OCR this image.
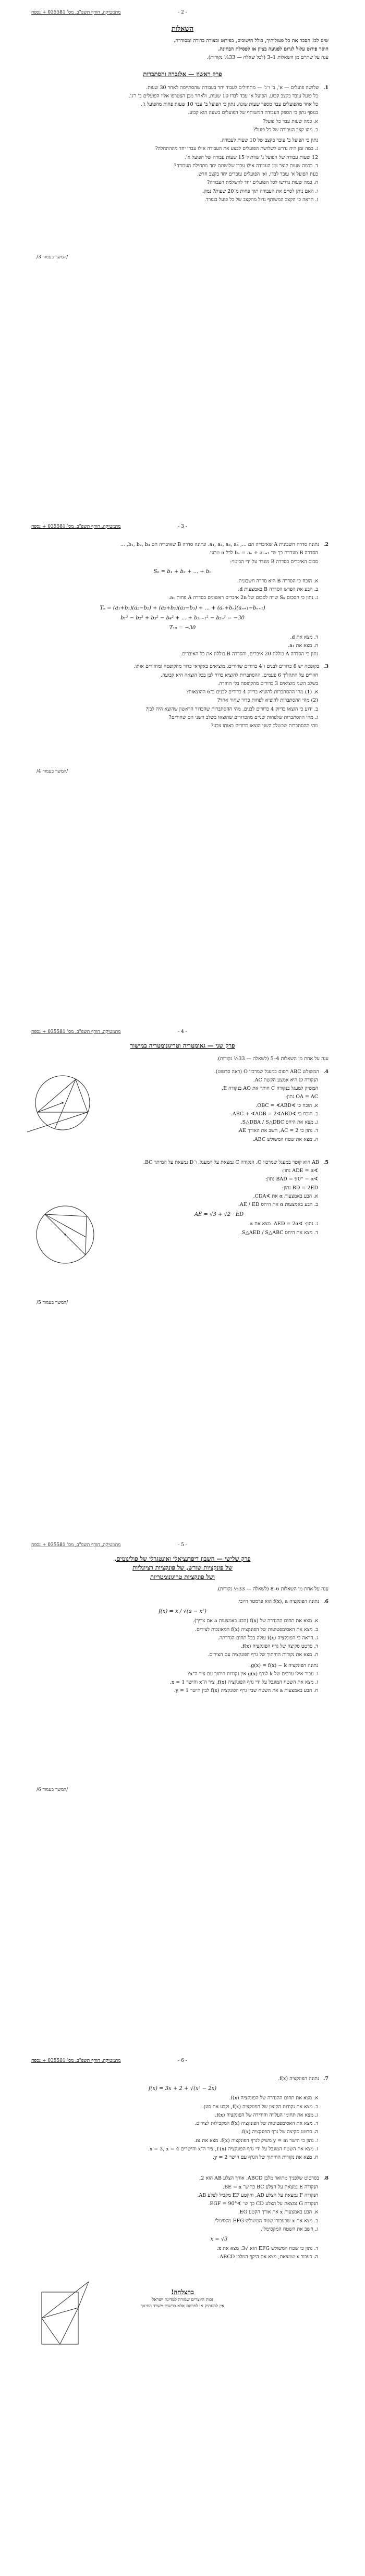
מתמטיקה, חורף תשפ"ב, מס' 035581 + נספח	- 2 -
השאלות

שים לב! הסבר את כל פעולותיך, כולל חישובים, בפירוט ובצורה ברורה ומסודרת.

חוסר פירוט עלול לגרום לפגיעה בציון או לפסילת הבחינה.

ענה על שתיים מן השאלות 1–3 (לכל שאלה — 33⅓ נקודות).

פרק ראשון — אלגברה והסתברות

1.שלושה פועלים — א', ב' ו־ג' — מתחילים לעבוד יחד בעבודה שהסתיימה לאחר 30 שעות.

כל פועל עובד בקצב קבוע. הפועל א' עבד לבדו 10 שעות, ולאחר מכן הצטרפו אליו הפועלים ב' ו־ג'.

כל אחד מהפועלים עבד מספר שעות שונה. נתון כי הפועל ב' עבד 10 שעות פחות מהפועל ג'.

בנוסף נתון כי הספק העבודה המשותף של הפועלים בשעה הוא קבוע.

א. כמה שעות עבד כל פועל?

ב. מהו קצב העבודה של כל פועל?

נתון כי הפועל ב' עובד בקצב של 10 שעות לעבודה.

ג. כמה זמן היה נדרש לשלושת הפועלים לבצע את העבודה אילו עבדו יחד מההתחלה?

12 שעות עבודה של הפועל ג' שוות ל־15 שעות עבודה של הפועל א'.

ד. בכמה שעות קוצר זמן העבודה אילו עבדו שלושתם יחד מתחילת העבודה?

כעת הפועל א' עובד לבדו, ואז הפועלים עובדים יחד בקצב חדש.

ה. כמה שעות נדרשו לכל הפועלים יחד להשלמת העבודה?

ו. האם ניתן לסיים את העבודה תוך פחות מ־20 שעות? נמק.

ז. הראה כי הקצב המשותף גדול מהקצב של כל פועל בנפרד.

/המשך בעמוד 3/
מתמטיקה, חורף תשפ"ב, מס' 035581 + נספח	- 3 -

2.נתונה סדרה חשבונית A שאיבריה הם ..., a₁, a₂, a₃, a₄. ונתונה סדרה B שאיבריה הם b₁, b₂, b₃, ...

הסדרה B מוגדרת כך ש־ bₙ = aₙ + aₙ₊₁ לכל n טבעי.

סכום האיברים בסדרה B מוגדר על ידי הביטוי:

Sₙ = b₁ + b₂ + ... + bₙ

א. הוכח כי הסדרה B היא סדרה חשבונית.

ב. הבע את הפרש הסדרה B באמצעות d.

ג. נתון כי הסכום Sₙ שווה לסכום של 2n איברים ראשונים בסדרה A פחות a₁.

Tₙ = (a₁+b₁)(a₂−b₂) + (a₂+b₂)(a₃−b₃) + ... + (aₙ+bₙ)(aₙ₊₁−bₙ₊₁)
b₁² − b₂² + b₃² − b₄² + ... + b₂ₙ₋₁² − b₂ₙ² = −30
T₁₀ = −30

ד. מצא את d.

ה. מצא את a₁.

נתון כי הסדרה A כוללת 20 איברים, והסדרה B כוללת את כל האיברים.

3.בקופסה יש 8 כדורים לבנים ו־4 כדורים שחורים. מוציאים באקראי כדור מהקופסה ומחזירים אותו.

חוזרים על התהליך 6 פעמים. ההסתברות להוציא כדור לבן בכל הוצאה היא קבועה.

בשלב השני מוציאים 3 כדורים מהקופסה בלי החזרה.

א. (1) מהי ההסתברות להוציא בדיוק 4 כדורים לבנים ב־6 ההוצאות?

(2) מהי ההסתברות להוציא לפחות כדור שחור אחד?

ב. ידוע כי הוצאו בדיוק 4 כדורים לבנים. מהי ההסתברות שהכדור הראשון שהוצא היה לבן?

ג. מהי ההסתברות שלפחות שניים מהכדורים שהוצאו בשלב השני הם שחורים?

מהי ההסתברות שבשלב השני הוצאו כדורים באותו צבע?

/המשך בעמוד 4/
מתמטיקה, חורף תשפ"ב, מס' 035581 + נספח	- 4 -
פרק שני — גאומטריה וטריגונומטריה במישור

ענה על אחת מן השאלות 4–5 (לשאלה — 33⅓ נקודות).

4.המשולש ABC חסום במעגל שמרכזו O (ראה סרטוט).

הנקודה D היא אמצע הקשת AC.

המשיק למעגל בנקודה C חותך את AO בנקודה E.

OA = AC נתון:

א. הוכח כי ∢OBC = ∢ABD.

ב. הוכח כי ∢ABC + ∢ADB = 2∢ABD.

ג. מצא את היחס S△DBA / S△DBC.

ד. נתון כי AC = 2, חשב את האורך AE.

ה. מצא את שטח המשולש ABC.

5.AB הוא קוטר במעגל שמרכזו O. הנקודה C נמצאת על המעגל, ו־D נמצאת על המיתר BC.

∢ADE = α נתון:

∢BAD = 90° − α נתון:

BD = 2ED נתון:

א. הבע באמצעות α את ∢CDA.

ב. הבע באמצעות α את היחס AE / ED.

AE = √3 + √2 · ED

ג. נתון: ∢AED = 2α. מצא את α.

ד. מצא את היחס S△AED / S△ABC.

/המשך בעמוד 5/
מתמטיקה, חורף תשפ"ב, מס' 035581 + נספח	- 5 -
פרק שלישי — חשבון דיפרנציאלי ואינטגרלי של פולינומים,
של פונקציות שורש, של פונקציות רציונליות
ושל פונקציות טריגונומטריות

ענה על אחת מן השאלות 6–8 (לשאלה — 33⅓ נקודות).

6.נתונה הפונקציה f(x), a הוא פרמטר חיובי.

f(x) = x / √(a − x²)

א. מצא את תחום ההגדרה של f(x) (הבע באמצעות a אם צריך).

ב. מצא את האסימפטוטות של הפונקציה f(x) המאונכות לצירים.

ג. הראה כי הפונקציה f(x) עולה בכל תחום הגדרתה.

ד. סרטט סקיצה של גרף הפונקציה f(x).

ה. מצא את נקודות החיתוך של גרף הפונקציה עם הצירים.

נתונה הפונקציה g(x) = f(x) − k.

ו. עבור אילו ערכים של k לגרף g(x) אין נקודות חיתוך עם ציר ה־x?

ז. מצא את השטח המוגבל על ידי גרף הפונקציה f(x), ציר ה־x והישר x = 1.

ח. הבע באמצעות a את השטח שבין גרף הפונקציה f(x) לבין הישר y = 1.

/המשך בעמוד 6/
מתמטיקה, חורף תשפ"ב, מס' 035581 + נספח	- 6 -

7.נתונה הפונקציה f(x).

f(x) = 3x + 2 + √(x² − 2x)

א. מצא את תחום ההגדרה של הפונקציה f(x).

ב. מצא את נקודות הקיצון של הפונקציה f(x), וקבע את סוגן.

ג. מצא את תחומי העלייה והירידה של הפונקציה f(x).

ד. מצא את האסימפטוטות של הפונקציה f(x) המקבילות לצירים.

ה. סרטט סקיצה של גרף הפונקציה f(x).

ו. נתון כי הישר y = m משיק לגרף הפונקציה f(x). מצא את m.

ז. מצא את השטח המוגבל על ידי גרף הפונקציה f′(x), ציר ה־x והישרים x = 3, x = 4.

ח. מצא את נקודות החיתוך של הגרף עם הישר y = 2.

8.בסרטוט שלפניך מתואר מלבן ABCD. אורך הצלע AB הוא 2,

הנקודה E נמצאת על הצלע BC כך ש־ BE = x.

הנקודה F נמצאת על הצלע AD, והקטע EF מקביל לצלע AB.

הנקודה G נמצאת על הצלע CD כך ש־ ∢EGF = 90°.

א. הבע באמצעות x את אורך הקטע EG.

ב. מצא את x שבעבורו שטח המשולש EFG מקסימלי.

ג. חשב את השטח המקסימלי.

x = √3

ד. נתון כי שטח המשולש EFG הוא √3. מצא את x.

ה. בעבור x שמצאת, מצא את היקף המלבן ABCD.

בהצלחה!
זכות היוצרים שמורה למדינת ישראל
אין להעתיק או לפרסם אלא ברשות משרד החינוך
